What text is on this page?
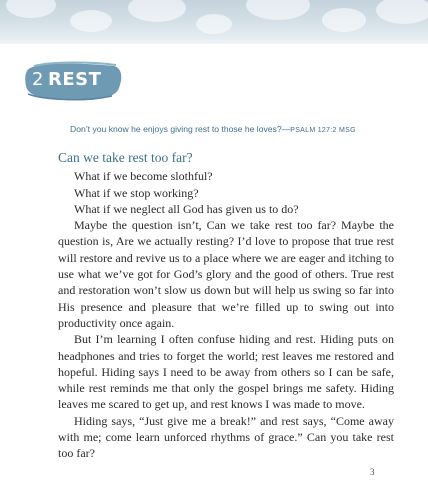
2 REST
Don’t you know he enjoys giving rest to those he loves?—PSALM 127:2 MSG
Can we take rest too far?

What if we become slothful?

What if we stop working?

What if we neglect all God has given us to do?

Maybe the question isn’t, Can we take rest too far? Maybe the question is, Are we actually resting? I’d love to propose that true rest will restore and revive us to a place where we are eager and itching to use what we’ve got for God’s glory and the good of others. True rest and restoration won’t slow us down but will help us swing so far into His presence and pleasure that we’re filled up to swing out into productivity once again.

But I’m learning I often confuse hiding and rest. Hiding puts on headphones and tries to forget the world; rest leaves me restored and hopeful. Hiding says I need to be away from others so I can be safe, while rest reminds me that only the gospel brings me safety. Hiding leaves me scared to get up, and rest knows I was made to move.

Hiding says, “Just give me a break!” and rest says, “Come away with me; come learn unforced rhythms of grace.” Can you take rest too far?

3
